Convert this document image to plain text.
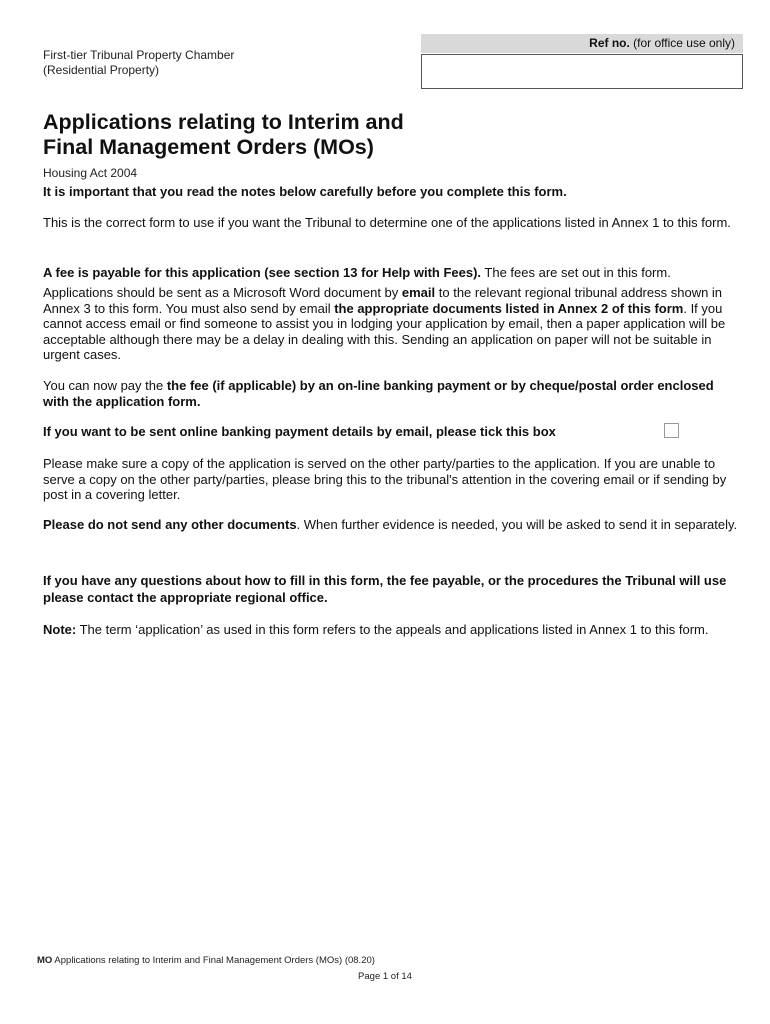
First-tier Tribunal Property Chamber
(Residential Property)
Ref no. (for office use only)
Applications relating to Interim and
Final Management Orders (MOs)
Housing Act 2004

It is important that you read the notes below carefully before you complete this form.

This is the correct form to use if you want the Tribunal to determine one of the applications listed in Annex 1 to this form.

A fee is payable for this application (see section 13 for Help with Fees). The fees are set out in this form.

Applications should be sent as a Microsoft Word document by email to the relevant regional tribunal address shown in Annex 3 to this form. You must also send by email the appropriate documents listed in Annex 2 of this form. If you cannot access email or find someone to assist you in lodging your application by email, then a paper application will be acceptable although there may be a delay in dealing with this. Sending an application on paper will not be suitable in urgent cases.

You can now pay the the fee (if applicable) by an on-line banking payment or by cheque/postal order enclosed with the application form.

If you want to be sent online banking payment details by email, please tick this box

Please make sure a copy of the application is served on the other party/parties to the application. If you are unable to serve a copy on the other party/parties, please bring this to the tribunal's attention in the covering email or if sending by post in a covering letter.

Please do not send any other documents. When further evidence is needed, you will be asked to send it in separately.

If you have any questions about how to fill in this form, the fee payable, or the procedures the Tribunal will use please contact the appropriate regional office.

Note: The term ‘application’ as used in this form refers to the appeals and applications listed in Annex 1 to this form.

MO Applications relating to Interim and Final Management Orders (MOs) (08.20)
Page 1 of 14
